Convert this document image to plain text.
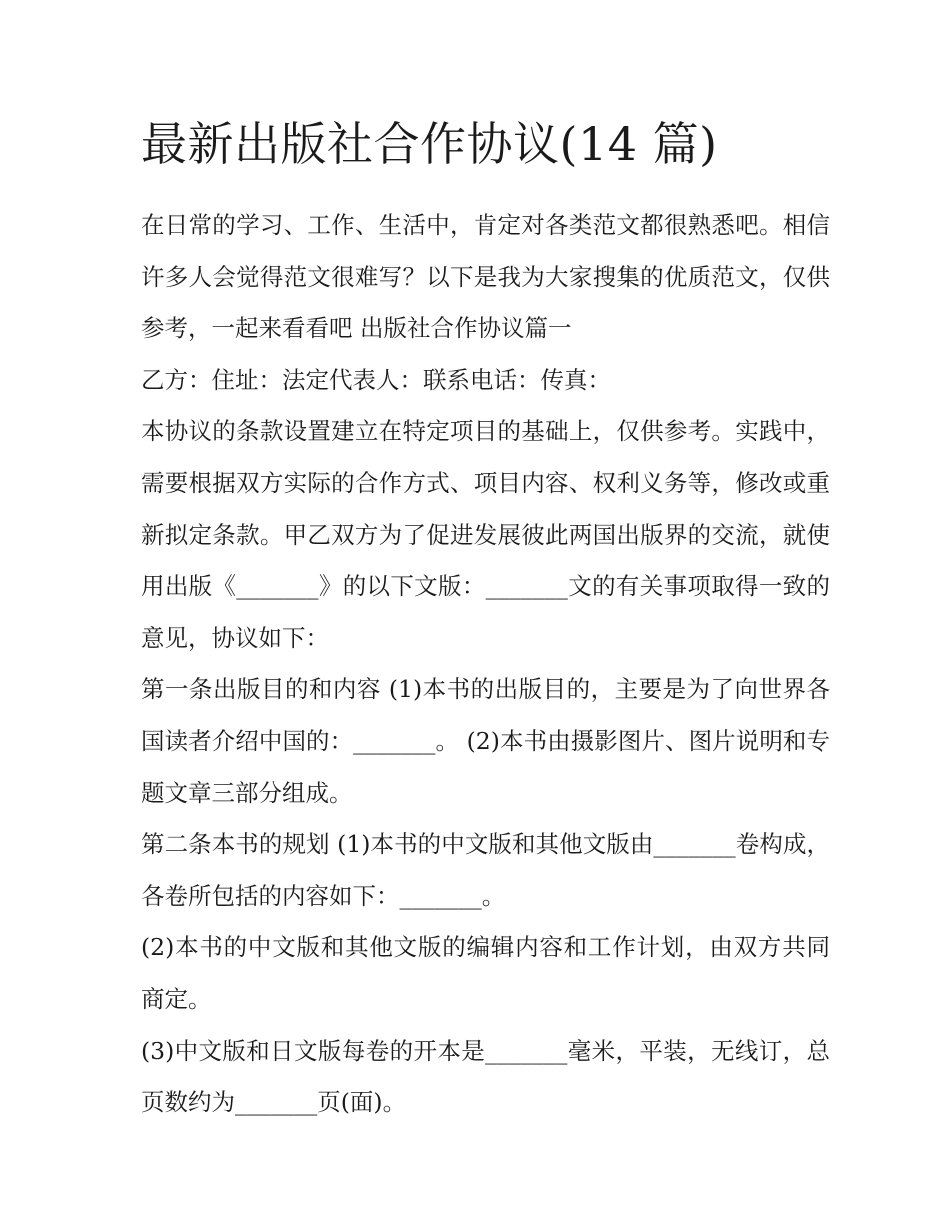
最新出版社合作协议(14 篇)

在日常的学习、工作、生活中，肯定对各类范文都很熟悉吧。相信许多人会觉得范文很难写？以下是我为大家搜集的优质范文，仅供参考，一起来看看吧 出版社合作协议篇一

乙方：住址：法定代表人：联系电话：传真：

本协议的条款设置建立在特定项目的基础上，仅供参考。实践中，需要根据双方实际的合作方式、项目内容、权利义务等，修改或重新拟定条款。甲乙双方为了促进发展彼此两国出版界的交流，就使用出版《_______》的以下文版：_______文的有关事项取得一致的意见，协议如下：

第一条出版目的和内容 (1)本书的出版目的，主要是为了向世界各国读者介绍中国的：_______。 (2)本书由摄影图片、图片说明和专题文章三部分组成。

第二条本书的规划 (1)本书的中文版和其他文版由_______卷构成，各卷所包括的内容如下：_______。

(2)本书的中文版和其他文版的编辑内容和工作计划，由双方共同商定。

(3)中文版和日文版每卷的开本是_______毫米，平装，无线订，总页数约为_______页(面)。
